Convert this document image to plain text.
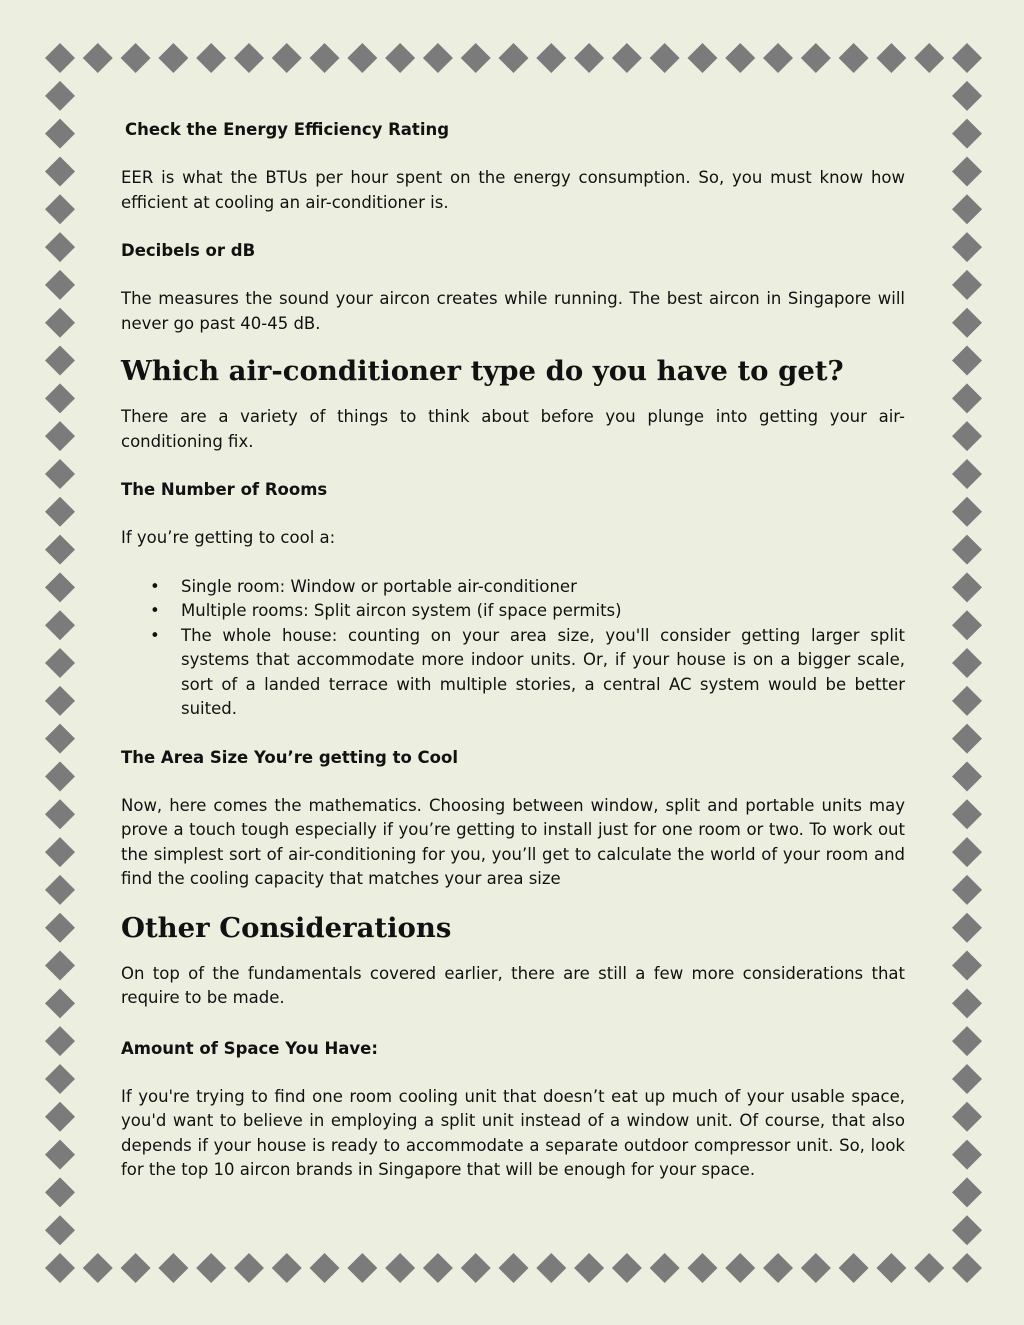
Check the Energy Efficiency Rating

EER is what the BTUs per hour spent on the energy consumption. So, you must know how efficient at cooling an air-conditioner is.

Decibels or dB

The measures the sound your aircon creates while running. The best aircon in Singapore will never go past 40-45 dB.

Which air-conditioner type do you have to get?

There are a variety of things to think about before you plunge into getting your air-conditioning fix.

The Number of Rooms

If you’re getting to cool a:

• Single room: Window or portable air-conditioner
• Multiple rooms: Split aircon system (if space permits)
• The whole house: counting on your area size, you'll consider getting larger split systems that accommodate more indoor units. Or, if your house is on a bigger scale, sort of a landed terrace with multiple stories, a central AC system would be better suited.

The Area Size You’re getting to Cool

Now, here comes the mathematics. Choosing between window, split and portable units may prove a touch tough especially if you’re getting to install just for one room or two. To work out the simplest sort of air-conditioning for you, you’ll get to calculate the world of your room and find the cooling capacity that matches your area size

Other Considerations

On top of the fundamentals covered earlier, there are still a few more considerations that require to be made.

Amount of Space You Have:

If you're trying to find one room cooling unit that doesn’t eat up much of your usable space, you'd want to believe in employing a split unit instead of a window unit. Of course, that also depends if your house is ready to accommodate a separate outdoor compressor unit. So, look for the top 10 aircon brands in Singapore that will be enough for your space.
